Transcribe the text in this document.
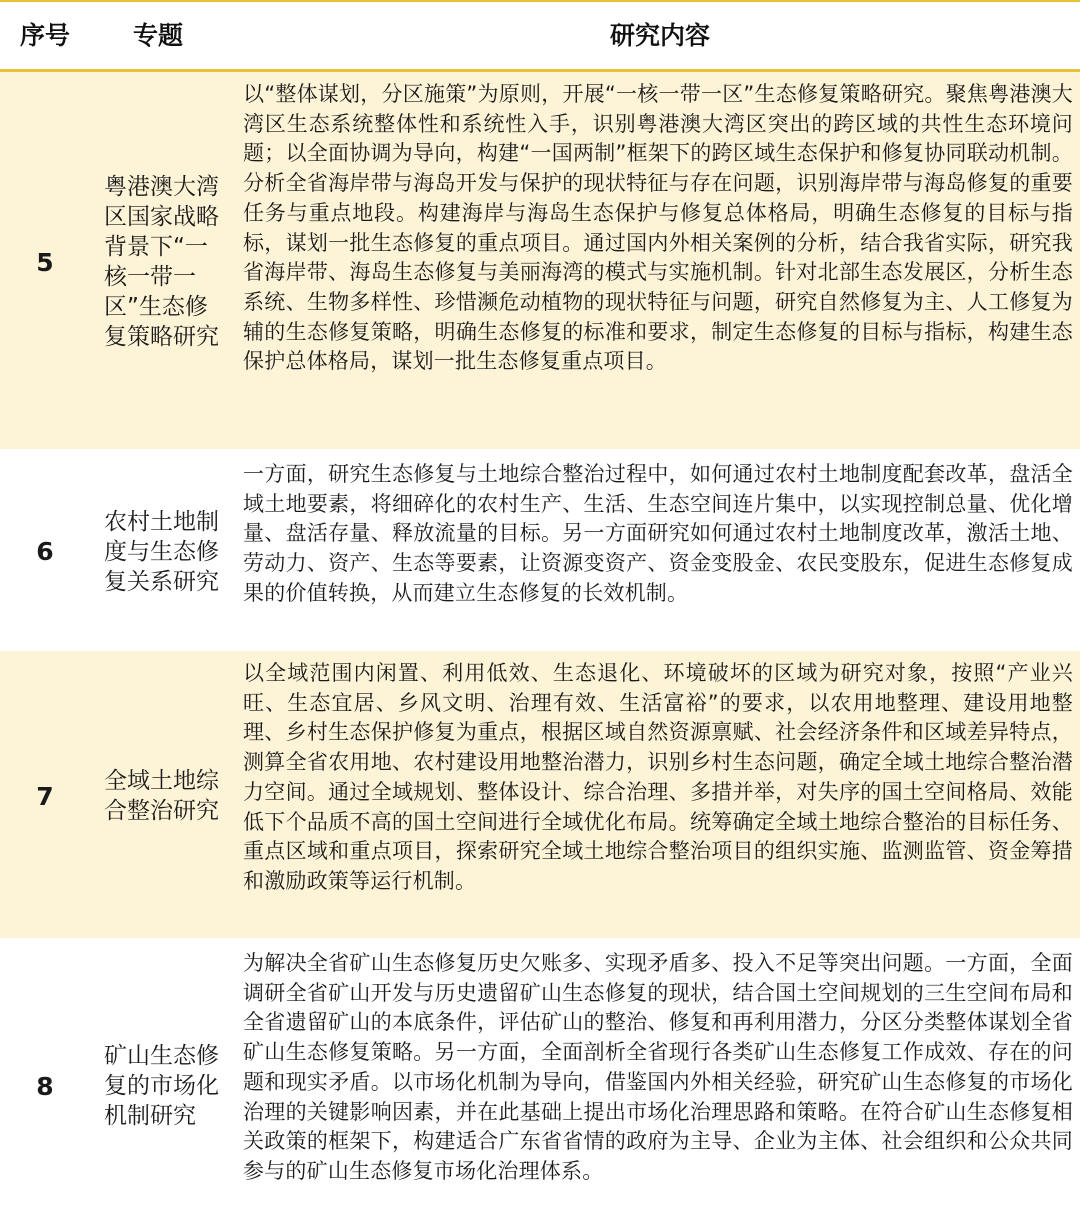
序号	专题	研究内容
5
粤港澳大湾区国家战略背景下“一核一带一区”生态修复策略研究
以“整体谋划，分区施策”为原则，开展“一核一带一区”生态修复策略研究。聚焦粤港澳大湾区生态系统整体性和系统性入手，识别粤港澳大湾区突出的跨区域的共性生态环境问题；以全面协调为导向，构建“一国两制”框架下的跨区域生态保护和修复协同联动机制。分析全省海岸带与海岛开发与保护的现状特征与存在问题，识别海岸带与海岛修复的重要任务与重点地段。构建海岸与海岛生态保护与修复总体格局，明确生态修复的目标与指标，谋划一批生态修复的重点项目。通过国内外相关案例的分析，结合我省实际，研究我省海岸带、海岛生态修复与美丽海湾的模式与实施机制。针对北部生态发展区，分析生态系统、生物多样性、珍惜濒危动植物的现状特征与问题，研究自然修复为主、人工修复为辅的生态修复策略，明确生态修复的标准和要求，制定生态修复的目标与指标，构建生态保护总体格局，谋划一批生态修复重点项目。
6
农村土地制度与生态修复关系研究
一方面，研究生态修复与土地综合整治过程中，如何通过农村土地制度配套改革，盘活全域土地要素，将细碎化的农村生产、生活、生态空间连片集中，以实现控制总量、优化增量、盘活存量、释放流量的目标。另一方面研究如何通过农村土地制度改革，激活土地、劳动力、资产、生态等要素，让资源变资产、资金变股金、农民变股东，促进生态修复成果的价值转换，从而建立生态修复的长效机制。
7
全域土地综合整治研究
以全域范围内闲置、利用低效、生态退化、环境破坏的区域为研究对象，按照“产业兴旺、生态宜居、乡风文明、治理有效、生活富裕”的要求，以农用地整理、建设用地整理、乡村生态保护修复为重点，根据区域自然资源禀赋、社会经济条件和区域差异特点，测算全省农用地、农村建设用地整治潜力，识别乡村生态问题，确定全域土地综合整治潜力空间。通过全域规划、整体设计、综合治理、多措并举，对失序的国土空间格局、效能低下个品质不高的国土空间进行全域优化布局。统筹确定全域土地综合整治的目标任务、重点区域和重点项目，探索研究全域土地综合整治项目的组织实施、监测监管、资金筹措和激励政策等运行机制。
8
矿山生态修复的市场化机制研究
为解决全省矿山生态修复历史欠账多、实现矛盾多、投入不足等突出问题。一方面，全面调研全省矿山开发与历史遗留矿山生态修复的现状，结合国土空间规划的三生空间布局和全省遗留矿山的本底条件，评估矿山的整治、修复和再利用潜力，分区分类整体谋划全省矿山生态修复策略。另一方面，全面剖析全省现行各类矿山生态修复工作成效、存在的问题和现实矛盾。以市场化机制为导向，借鉴国内外相关经验，研究矿山生态修复的市场化治理的关键影响因素，并在此基础上提出市场化治理思路和策略。在符合矿山生态修复相关政策的框架下，构建适合广东省省情的政府为主导、企业为主体、社会组织和公众共同参与的矿山生态修复市场化治理体系。
